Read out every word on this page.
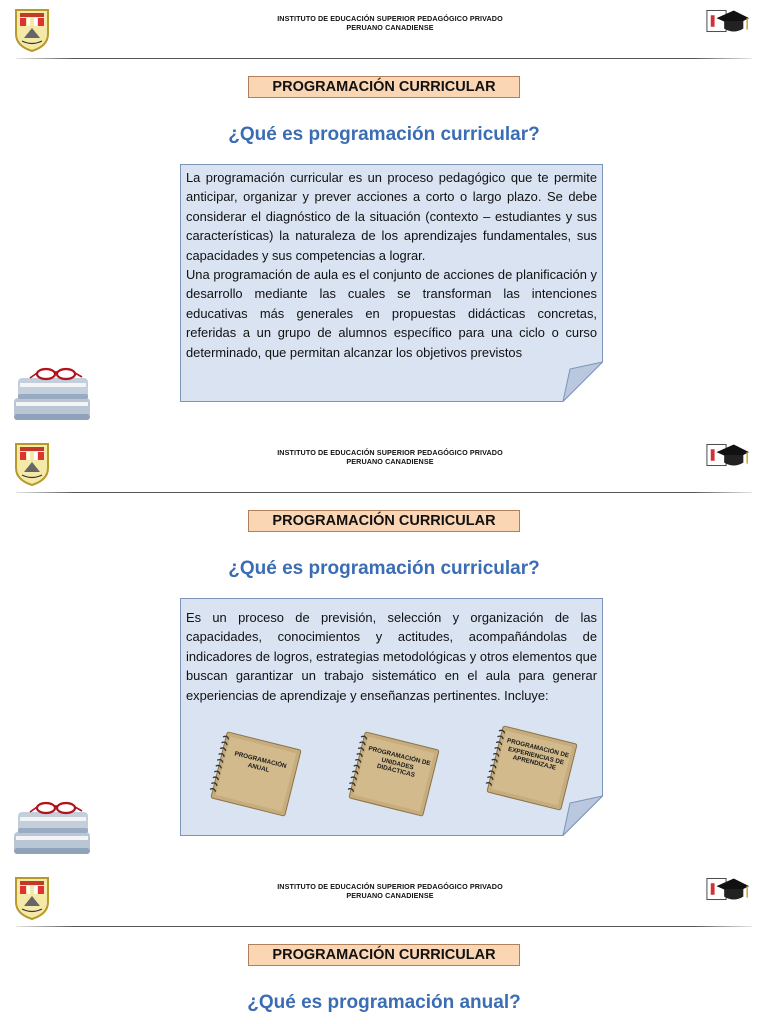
INSTITUTO DE EDUCACIÓN SUPERIOR PEDAGÓGICO PRIVADO
PERUANO CANADIENSE
PROGRAMACIÓN CURRICULAR
¿Qué es programación curricular?
La programación curricular es un proceso pedagógico que te permite anticipar, organizar y prever acciones a corto o largo plazo. Se debe considerar el diagnóstico de la situación (contexto – estudiantes y sus características) la naturaleza de los aprendizajes fundamentales, sus capacidades y sus competencias a lograr.
Una programación de aula es el conjunto de acciones de planificación y desarrollo mediante las cuales se transforman las intenciones educativas más generales en propuestas didácticas concretas, referidas a un grupo de alumnos específico para una ciclo o curso determinado, que permitan alcanzar los objetivos previstos
INSTITUTO DE EDUCACIÓN SUPERIOR PEDAGÓGICO PRIVADO
PERUANO CANADIENSE
PROGRAMACIÓN CURRICULAR
¿Qué es programación curricular?
Es un proceso de previsión, selección y organización de las capacidades, conocimientos y actitudes, acompañándolas de indicadores de logros, estrategias metodológicas y otros elementos que buscan garantizar un trabajo sistemático en el aula para generar experiencias de aprendizaje y enseñanzas pertinentes. Incluye:
PROGRAMACIÓN ANUAL
PROGRAMACIÓN DE UNIDADES DIDÁCTICAS
PROGRAMACIÓN DE EXPERIENCIAS DE APRENDIZAJE
INSTITUTO DE EDUCACIÓN SUPERIOR PEDAGÓGICO PRIVADO
PERUANO CANADIENSE
PROGRAMACIÓN CURRICULAR
¿Qué es programación anual?
